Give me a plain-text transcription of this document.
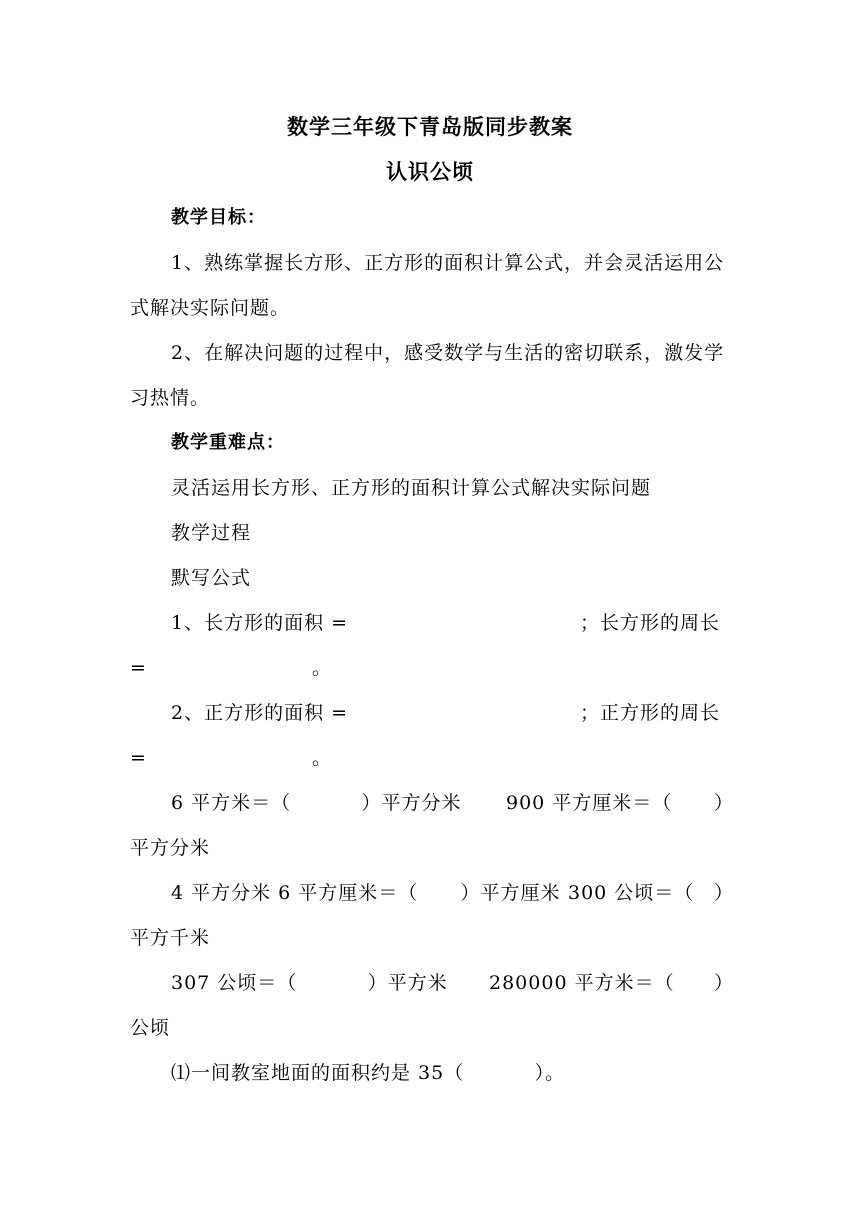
数学三年级下青岛版同步教案

认识公顷

教学目标：

1、熟练掌握长方形、正方形的面积计算公式，并会灵活运用公

式解决实际问题。

2、在解决问题的过程中，感受数学与生活的密切联系，激发学

习热情。

教学重难点：

灵活运用长方形、正方形的面积计算公式解决实际问题

教学过程

默写公式

1、长方形的面积 =	；长方形的周长

=	。

2、正方形的面积 =	；正方形的周长

=	。

6 平方米＝（          ）平方分米 900 平方厘米＝（ ）

平方分米

4 平方分米 6 平方厘米＝（      ）平方厘米 300 公顷＝（ ）

平方千米

307 公顷＝（          ）平方米 280000 平方米＝（ ）

公顷

⑴一间教室地面的面积约是 35（          ）。
